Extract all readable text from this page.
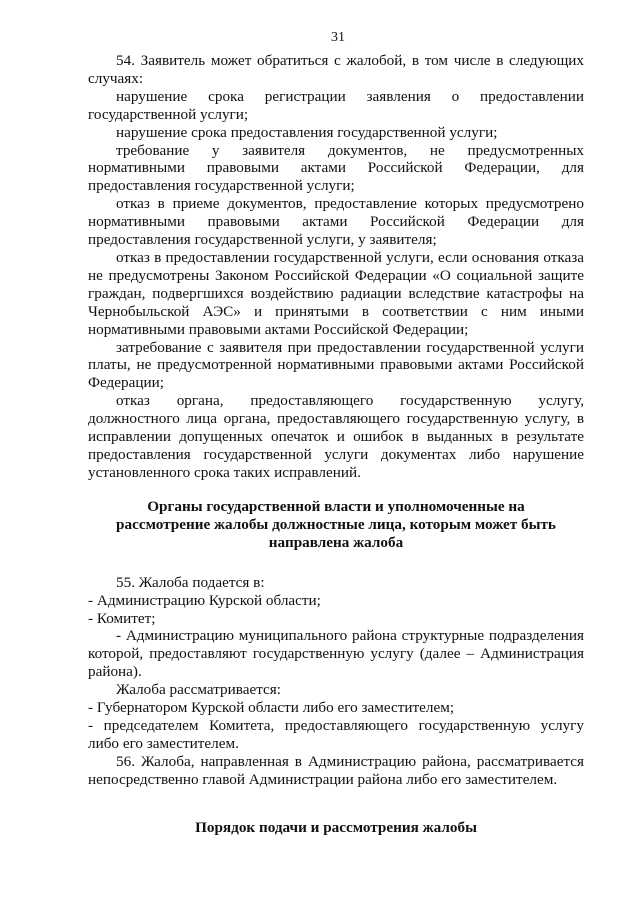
31

54. Заявитель может обратиться с жалобой, в том числе в следующих случаях:

нарушение срока регистрации заявления о предоставлении государственной услуги;

нарушение срока предоставления государственной услуги;

требование у заявителя документов, не предусмотренных нормативными правовыми актами Российской Федерации, для предоставления государственной услуги;

отказ в приеме документов, предоставление которых предусмотрено нормативными правовыми актами Российской Федерации для предоставления государственной услуги, у заявителя;

отказ в предоставлении государственной услуги, если основания отказа не предусмотрены Законом Российской Федерации «О социальной защите граждан, подвергшихся воздействию радиации вследствие катастрофы на Чернобыльской АЭС» и принятыми в соответствии с ним иными нормативными правовыми актами Российской Федерации;

затребование с заявителя при предоставлении государственной услуги платы, не предусмотренной нормативными правовыми актами Российской Федерации;

отказ органа, предоставляющего государственную услугу, должностного лица органа, предоставляющего государственную услугу, в исправлении допущенных опечаток и ошибок в выданных в результате предоставления государственной услуги документах либо нарушение установленного срока таких исправлений.

Органы государственной власти и уполномоченные на рассмотрение жалобы должностные лица, которым может быть направлена жалоба

55. Жалоба подается в:

- Администрацию Курской области;

- Комитет;

- Администрацию муниципального района структурные подразделения которой, предоставляют государственную услугу (далее – Администрация района).

Жалоба рассматривается:

- Губернатором Курской области либо его заместителем;

- председателем Комитета, предоставляющего государственную услугу либо его заместителем.

56. Жалоба, направленная в Администрацию района, рассматривается непосредственно главой Администрации района либо его заместителем.

Порядок подачи и рассмотрения жалобы
